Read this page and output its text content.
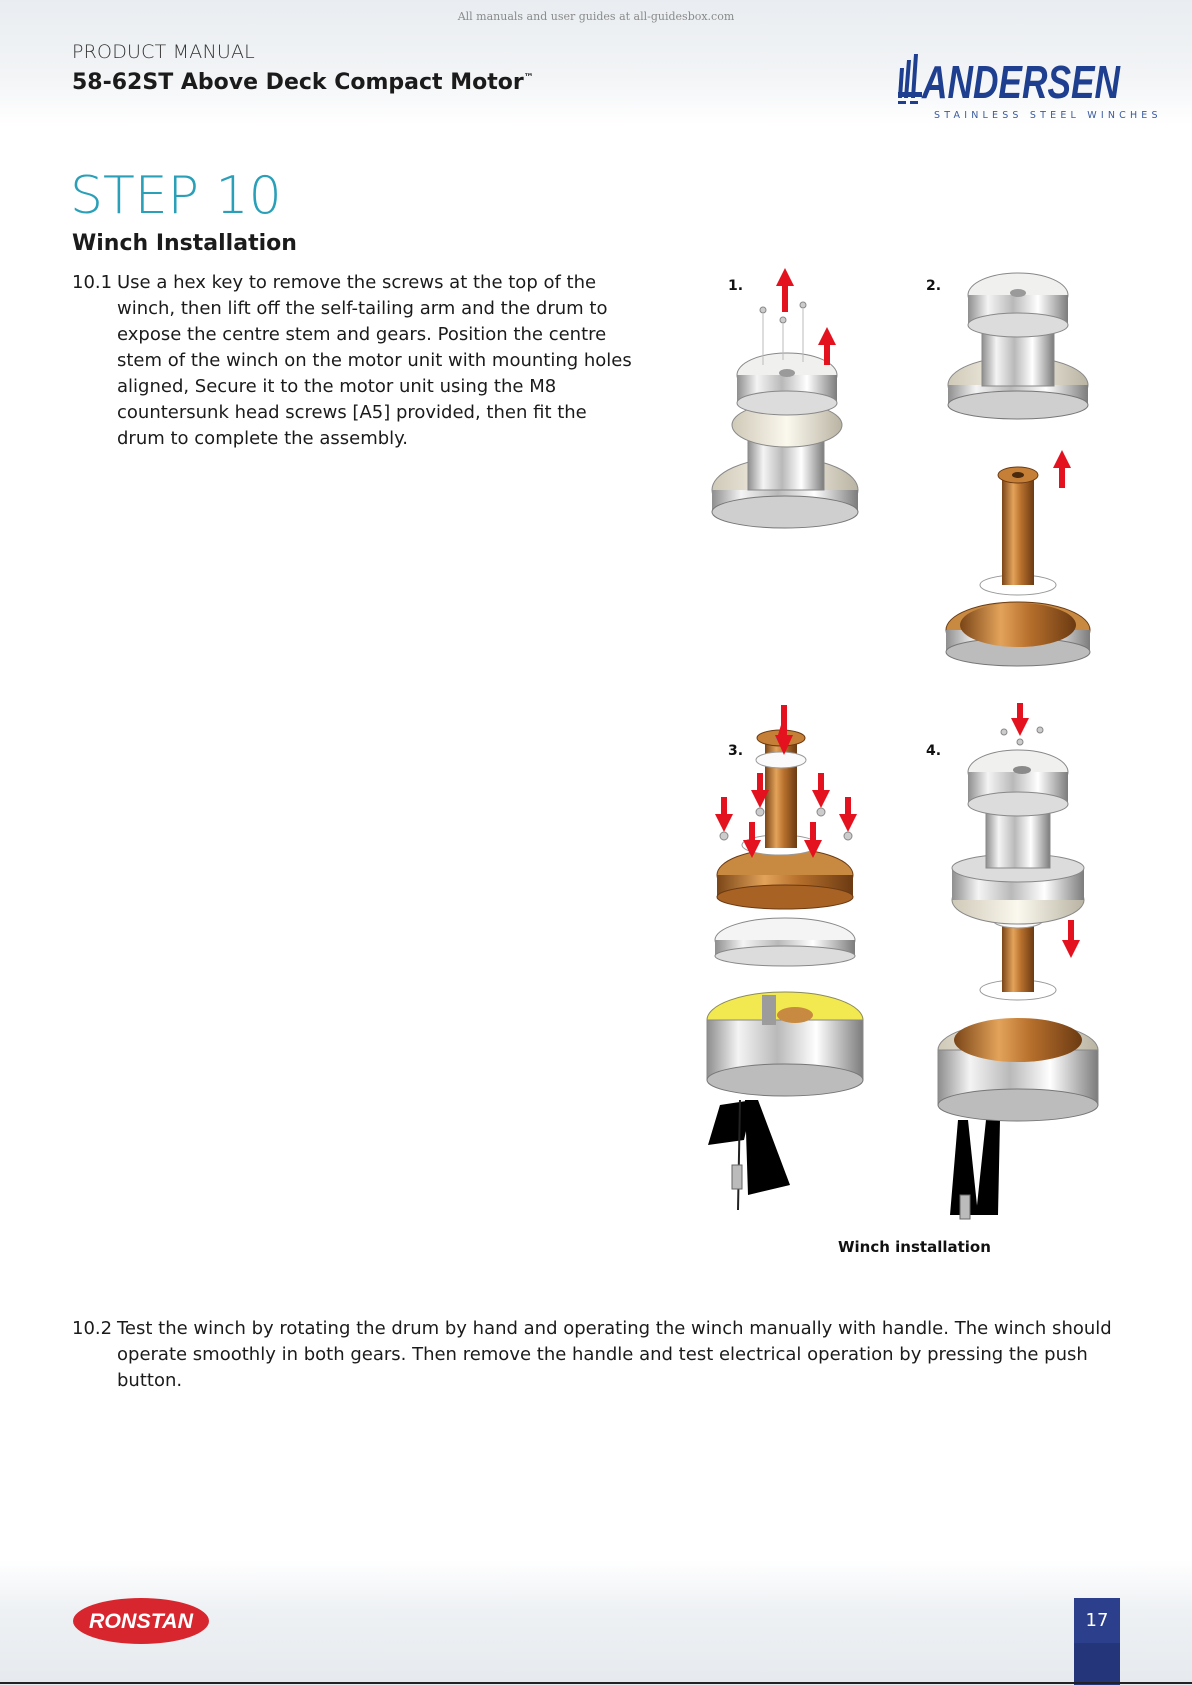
All manuals and user guides at all-guidesbox.com
PRODUCT MANUAL
58-62ST Above Deck Compact Motor™	ANDERSEN
STAINLESS STEEL WINCHES
STEP 10
Winch Installation
10.1 Use a hex key to remove the screws at the top of the winch, then lift off the self-tailing arm and the drum to expose the centre stem and gears. Position the centre stem of the winch on the motor unit with mounting holes aligned, Secure it to the motor unit using the M8 countersunk head screws [A5] provided, then fit the drum to complete the assembly.
1.	2.
3.	4.
Winch installation
10.2 Test the winch by rotating the drum by hand and operating the winch manually with handle. The winch should operate smoothly in both gears. Then remove the handle and test electrical operation by pressing the push button.
RONSTAN	17
